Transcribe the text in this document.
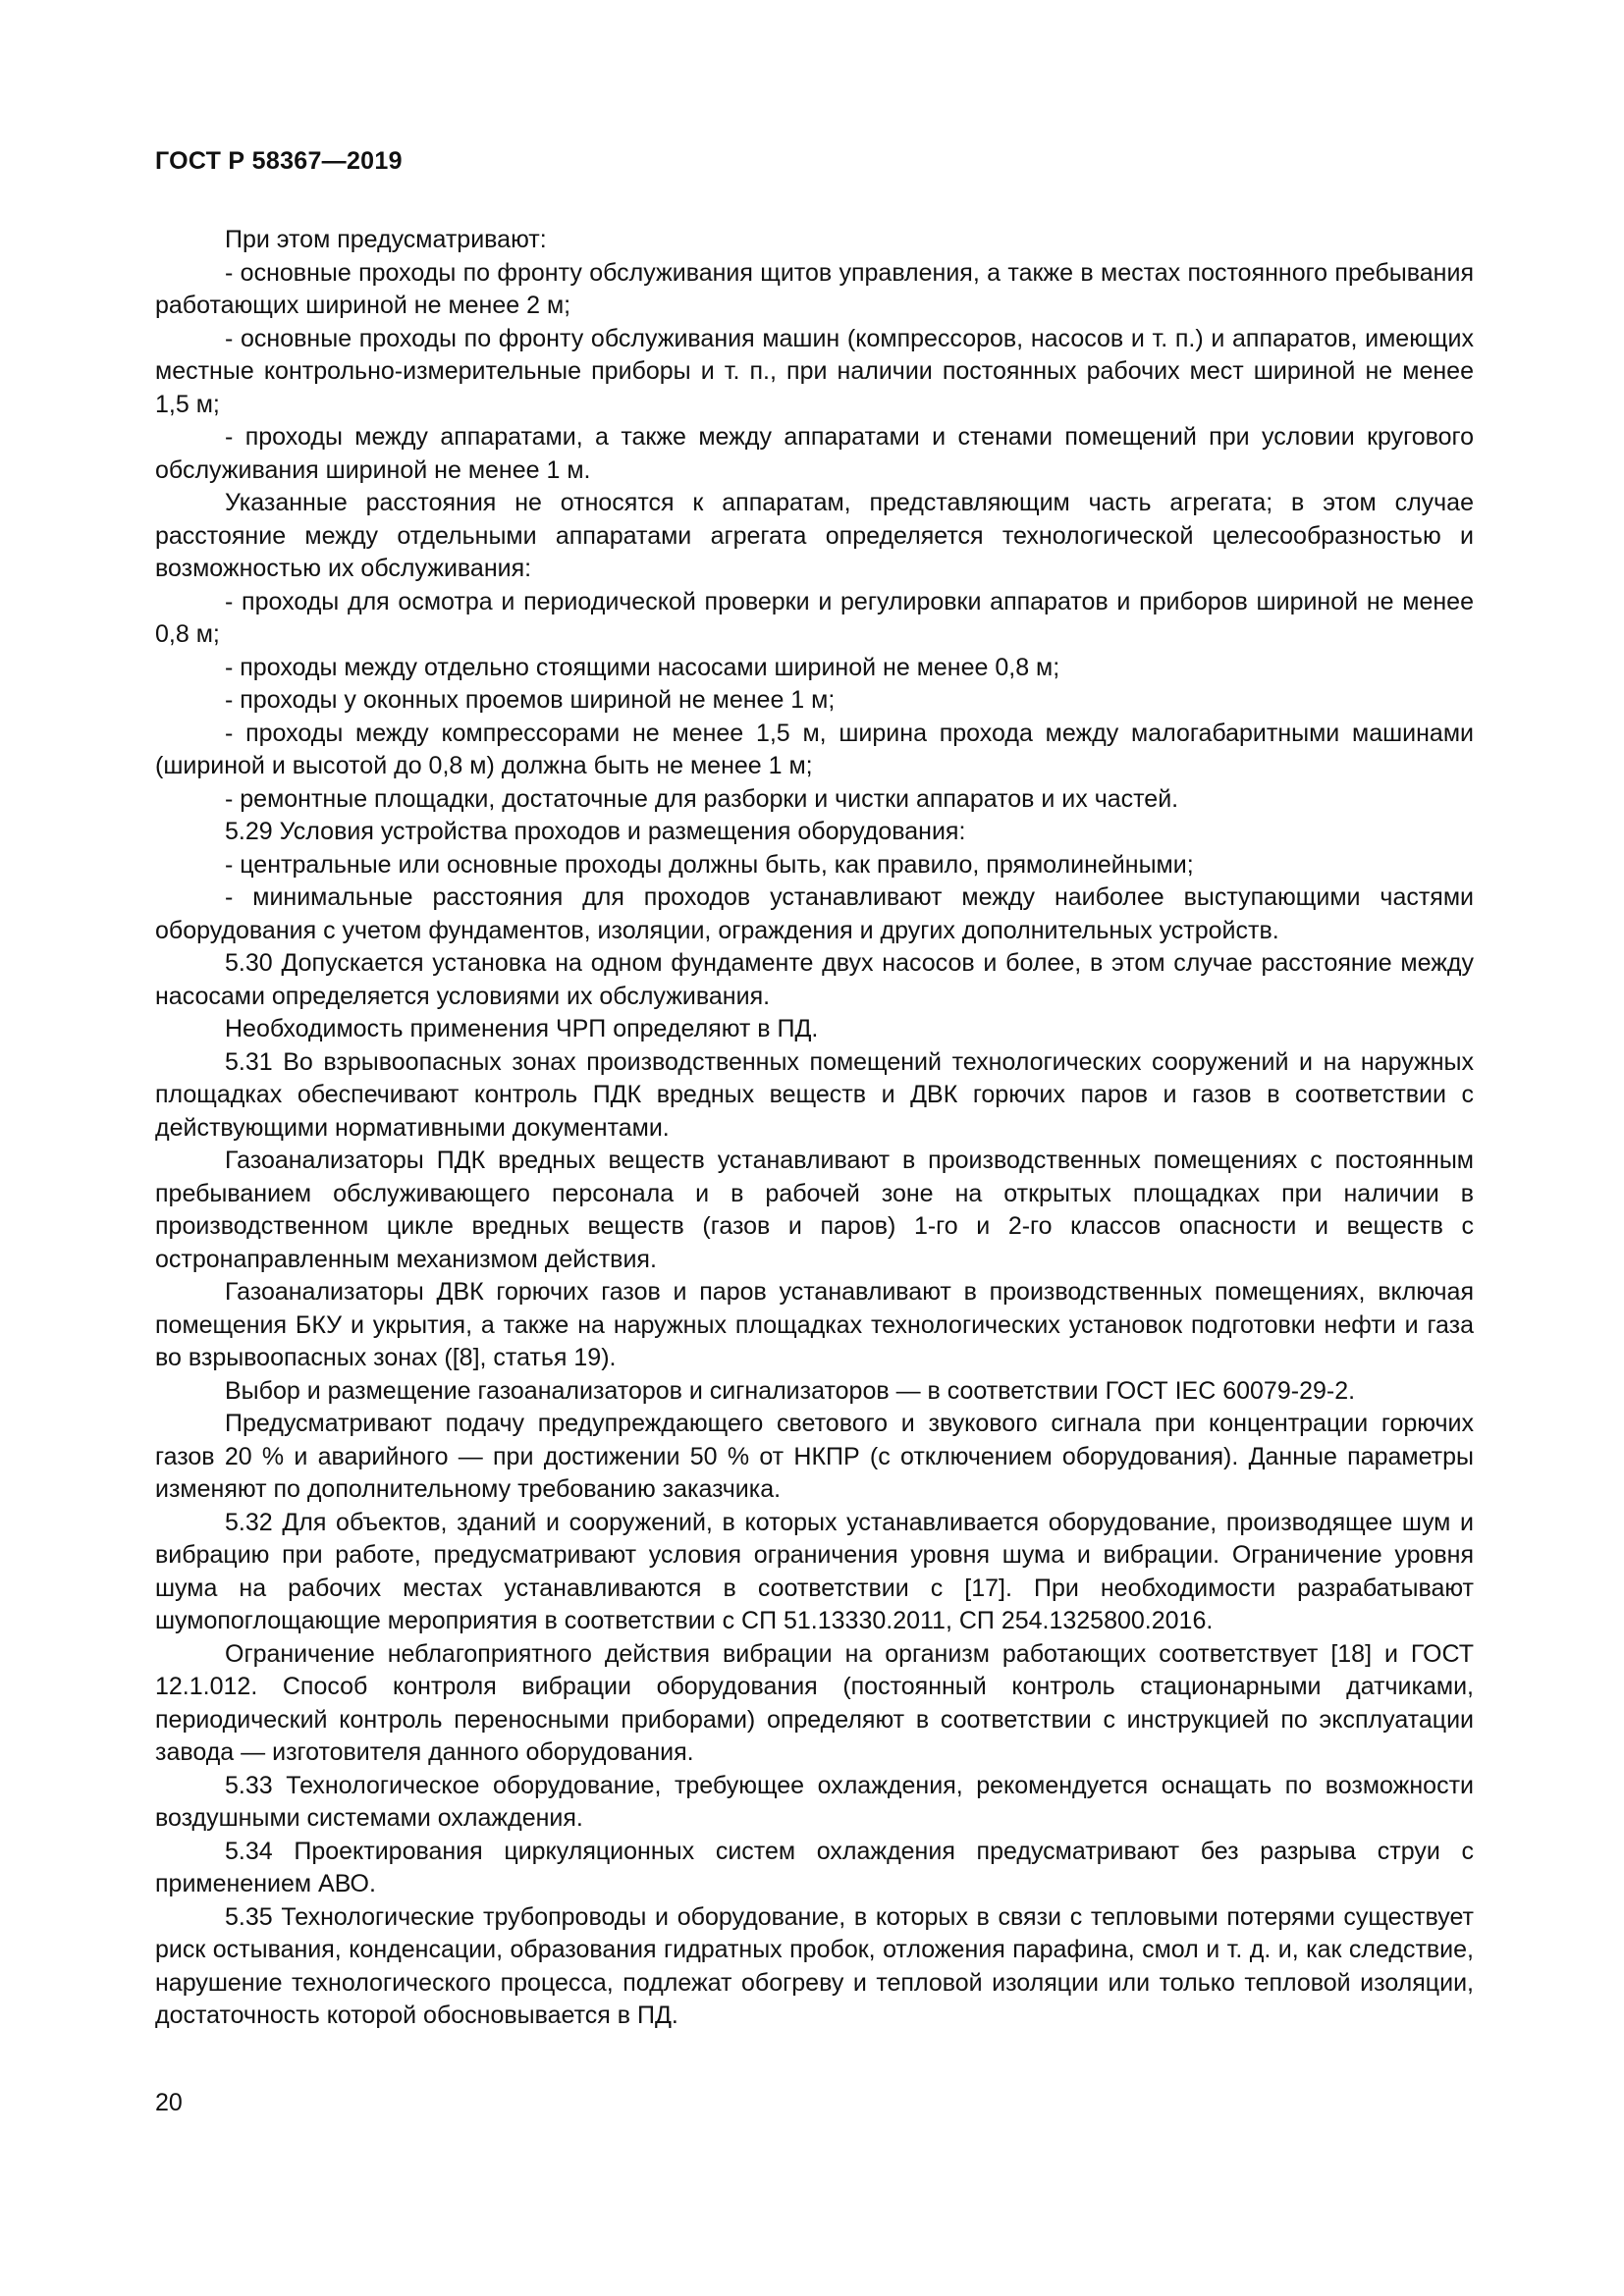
ГОСТ Р 58367—2019

При этом предусматривают:

- основные проходы по фронту обслуживания щитов управления, а также в местах постоянного пребывания работающих шириной не менее 2 м;

- основные проходы по фронту обслуживания машин (компрессоров, насосов и т. п.) и аппаратов, имеющих местные контрольно-измерительные приборы и т. п., при наличии постоянных рабочих мест шириной не менее 1,5 м;

- проходы между аппаратами, а также между аппаратами и стенами помещений при условии кругового обслуживания шириной не менее 1 м.

Указанные расстояния не относятся к аппаратам, представляющим часть агрегата; в этом случае расстояние между отдельными аппаратами агрегата определяется технологической целесообразностью и возможностью их обслуживания:

- проходы для осмотра и периодической проверки и регулировки аппаратов и приборов шириной не менее 0,8 м;

- проходы между отдельно стоящими насосами шириной не менее 0,8 м;

- проходы у оконных проемов шириной не менее 1 м;

- проходы между компрессорами не менее 1,5 м, ширина прохода между малогабаритными машинами (шириной и высотой до 0,8 м) должна быть не менее 1 м;

- ремонтные площадки, достаточные для разборки и чистки аппаратов и их частей.

5.29 Условия устройства проходов и размещения оборудования:

- центральные или основные проходы должны быть, как правило, прямолинейными;

- минимальные расстояния для проходов устанавливают между наиболее выступающими частями оборудования с учетом фундаментов, изоляции, ограждения и других дополнительных устройств.

5.30 Допускается установка на одном фундаменте двух насосов и более, в этом случае расстояние между насосами определяется условиями их обслуживания.

Необходимость применения ЧРП определяют в ПД.

5.31 Во взрывоопасных зонах производственных помещений технологических сооружений и на наружных площадках обеспечивают контроль ПДК вредных веществ и ДВК горючих паров и газов в соответствии с действующими нормативными документами.

Газоанализаторы ПДК вредных веществ устанавливают в производственных помещениях с постоянным пребыванием обслуживающего персонала и в рабочей зоне на открытых площадках при наличии в производственном цикле вредных веществ (газов и паров) 1-го и 2-го классов опасности и веществ с остронаправленным механизмом действия.

Газоанализаторы ДВК горючих газов и паров устанавливают в производственных помещениях, включая помещения БКУ и укрытия, а также на наружных площадках технологических установок подготовки нефти и газа во взрывоопасных зонах ([8], статья 19).

Выбор и размещение газоанализаторов и сигнализаторов — в соответствии ГОСТ IEC 60079-29-2.

Предусматривают подачу предупреждающего светового и звукового сигнала при концентрации горючих газов 20 % и аварийного — при достижении 50 % от НКПР (с отключением оборудования). Данные параметры изменяют по дополнительному требованию заказчика.

5.32 Для объектов, зданий и сооружений, в которых устанавливается оборудование, производящее шум и вибрацию при работе, предусматривают условия ограничения уровня шума и вибрации. Ограничение уровня шума на рабочих местах устанавливаются в соответствии с [17]. При необходимости разрабатывают шумопоглощающие мероприятия в соответствии с СП 51.13330.2011, СП 254.1325800.2016.

Ограничение неблагоприятного действия вибрации на организм работающих соответствует [18] и ГОСТ 12.1.012. Способ контроля вибрации оборудования (постоянный контроль стационарными датчиками, периодический контроль переносными приборами) определяют в соответствии с инструкцией по эксплуатации завода — изготовителя данного оборудования.

5.33 Технологическое оборудование, требующее охлаждения, рекомендуется оснащать по возможности воздушными системами охлаждения.

5.34 Проектирования циркуляционных систем охлаждения предусматривают без разрыва струи с применением АВО.

5.35 Технологические трубопроводы и оборудование, в которых в связи с тепловыми потерями существует риск остывания, конденсации, образования гидратных пробок, отложения парафина, смол и т. д. и, как следствие, нарушение технологического процесса, подлежат обогреву и тепловой изоляции или только тепловой изоляции, достаточность которой обосновывается в ПД.

20
